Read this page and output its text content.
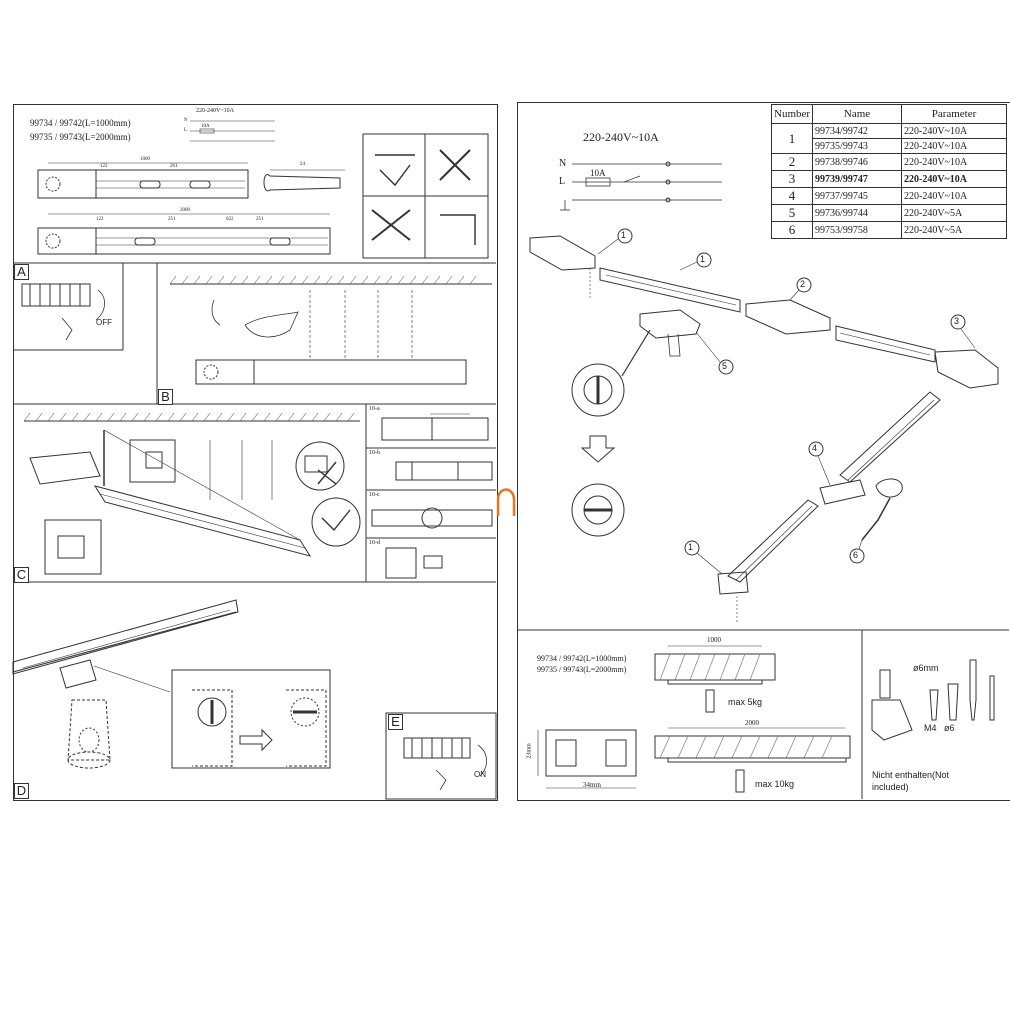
99734 / 99742(L=1000mm)
99735 / 99743(L=2000mm)
220-240V~10A
N
L
10A
1000
122	261
2000
122	251	622	251
24
A
B
C
D
E
OFF
ON
10-a
10-b
10-c
10-d
220-240V~10A
N
L
10A
Number	Name	Parameter
1	99734/99742	220-240V~10A
	99735/99743	220-240V~10A
2	99738/99746	220-240V~10A
3	99739/99747	220-240V~10A
4	99737/99745	220-240V~10A
5	99736/99744	220-240V~5A
6	99753/99758	220-240V~5A
1
1
2
3
5
4
6
1
99734 / 99742(L=1000mm)
99735 / 99743(L=2000mm)
1000
2000
max 5kg
max 10kg
23mm
34mm
ø6mm
M4 ø6
Nicht enthalten(Not included)
